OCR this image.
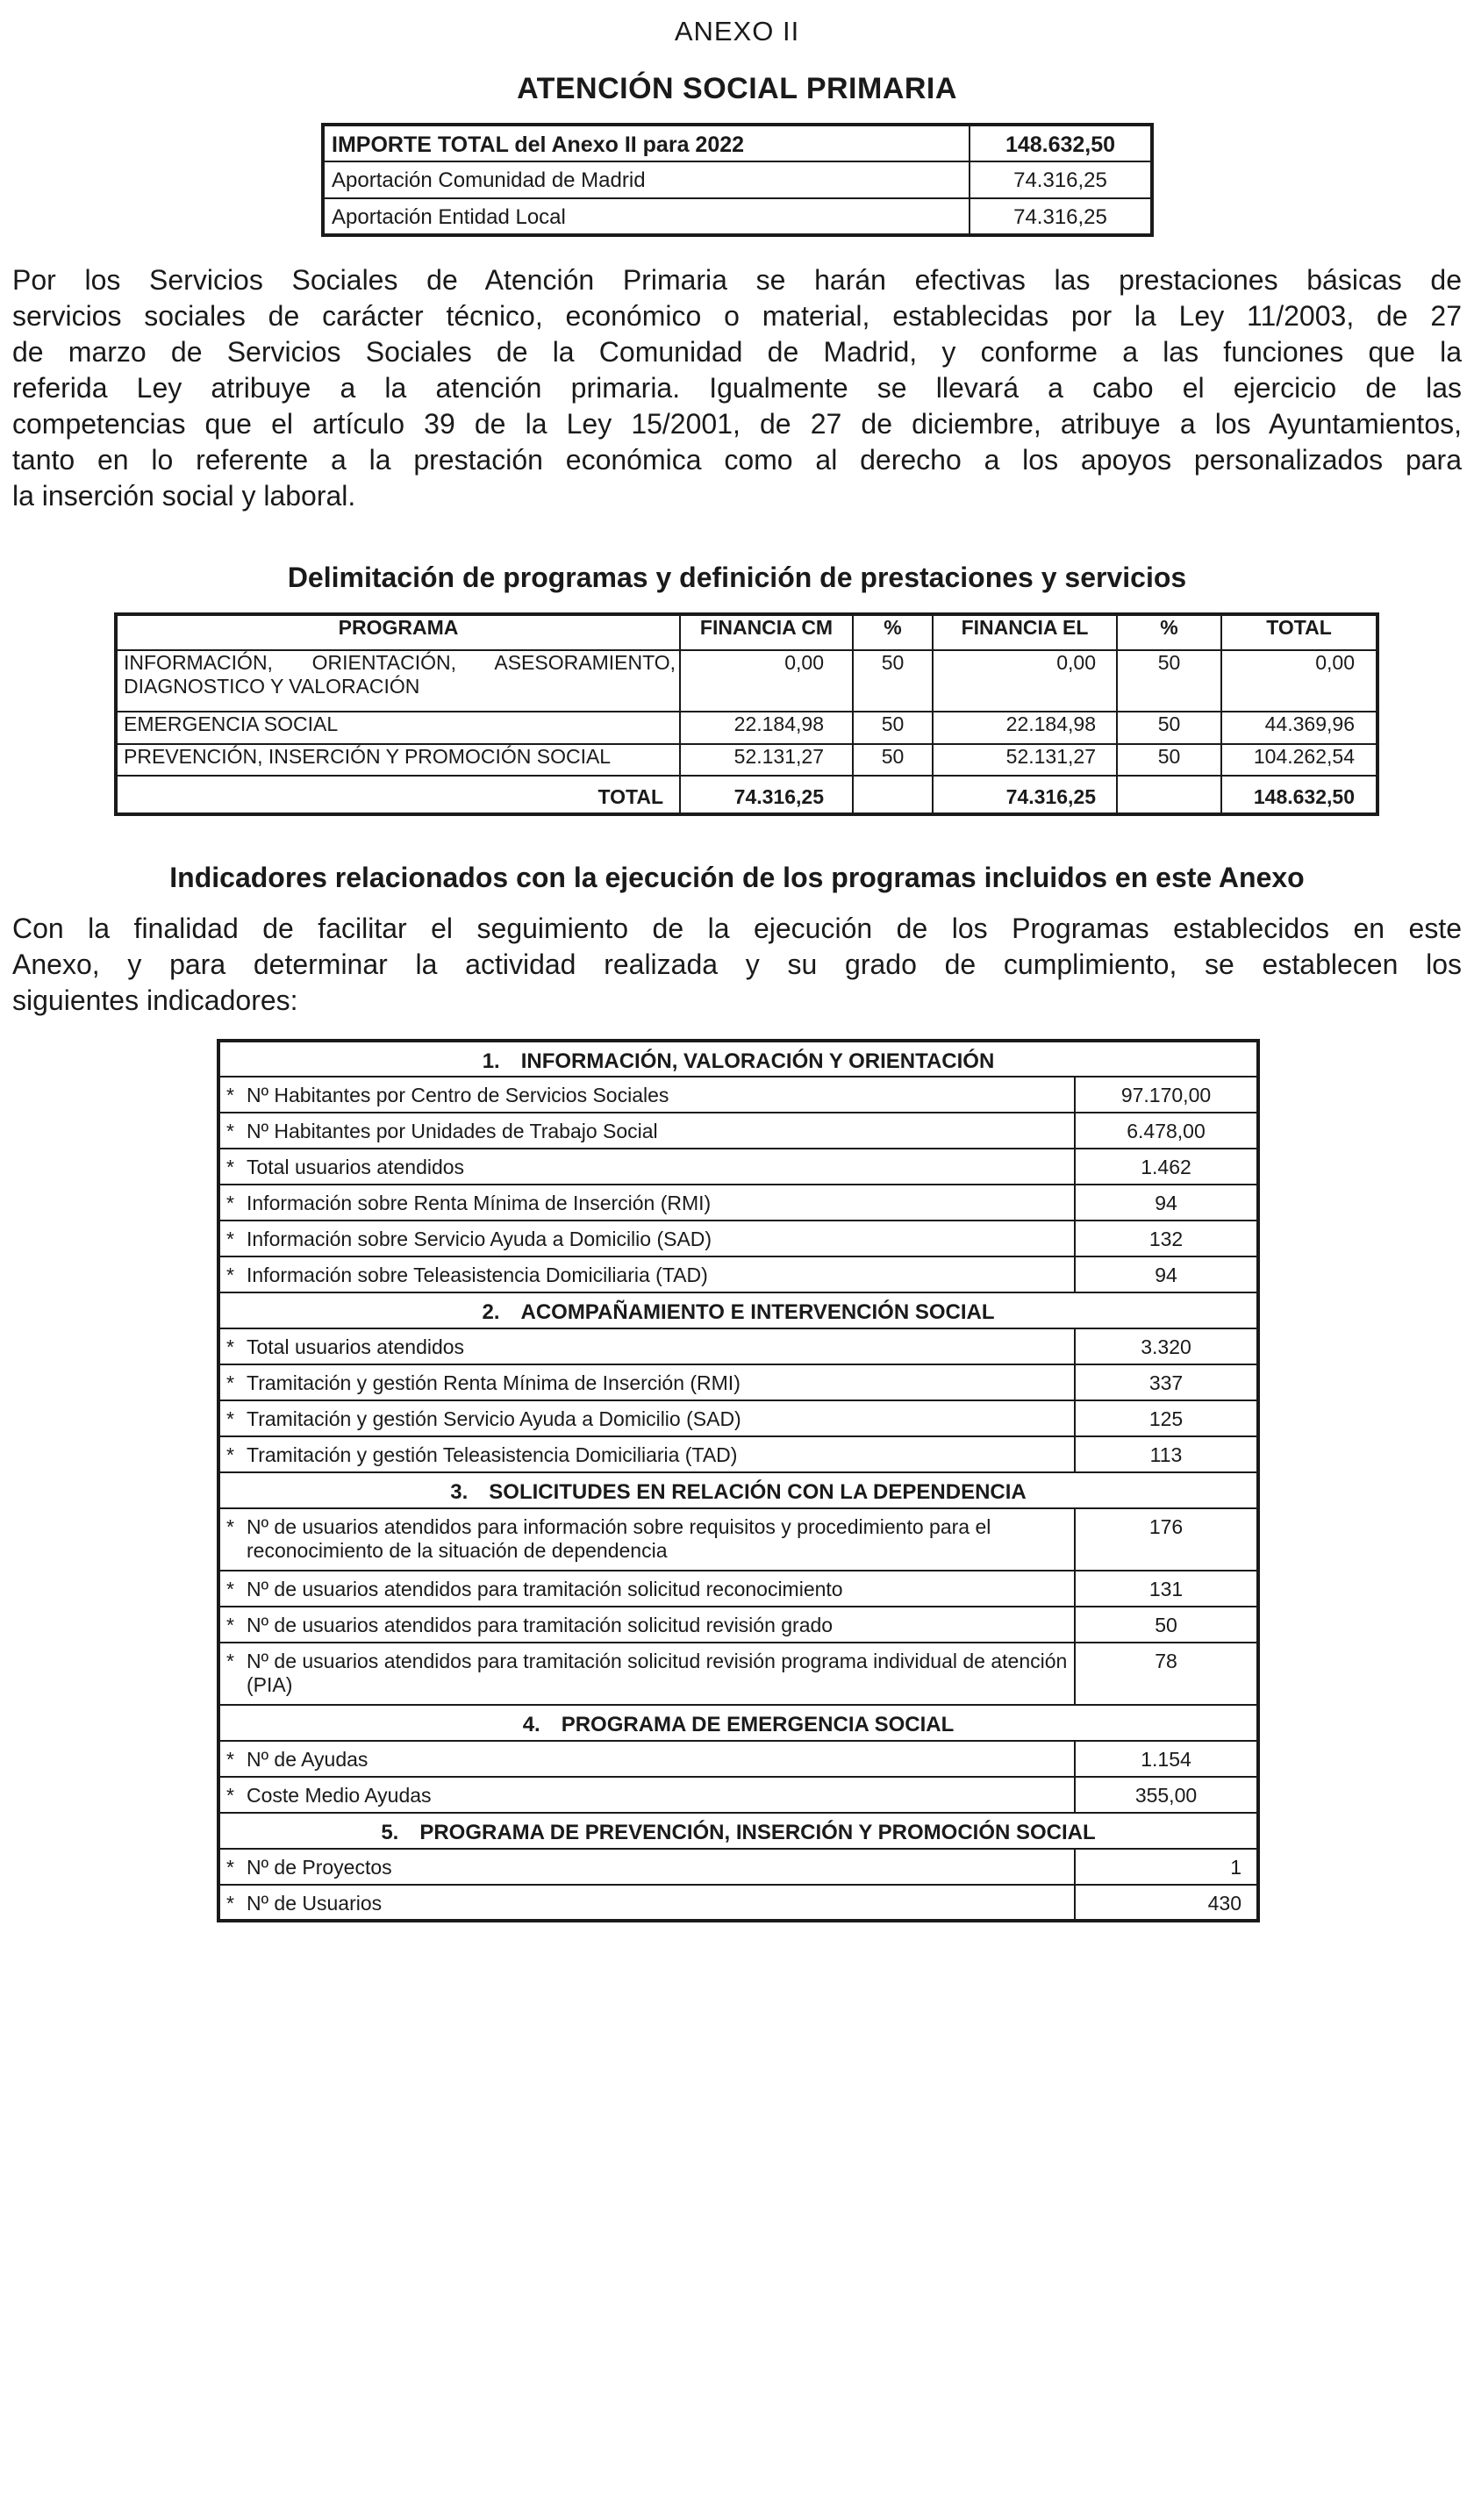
ANEXO II
ATENCIÓN SOCIAL PRIMARIA
IMPORTE TOTAL del Anexo II para 2022	148.632,50
Aportación Comunidad de Madrid	74.316,25
Aportación Entidad Local	74.316,25
Por los Servicios Sociales de Atención Primaria se harán efectivas las prestaciones básicas de
servicios sociales de carácter técnico, económico o material, establecidas por la Ley 11/2003, de 27
de marzo de Servicios Sociales de la Comunidad de Madrid, y conforme a las funciones que la
referida Ley atribuye a la atención primaria. Igualmente se llevará a cabo el ejercicio de las
competencias que el artículo 39 de la Ley 15/2001, de 27 de diciembre, atribuye a los Ayuntamientos,
tanto en lo referente a la prestación económica como al derecho a los apoyos personalizados para
la inserción social y laboral.
Delimitación de programas y definición de prestaciones y servicios
PROGRAMA	FINANCIA CM	%	FINANCIA EL	%	TOTAL
INFORMACIÓN, ORIENTACIÓN, ASESORAMIENTO, DIAGNOSTICO Y VALORACIÓN	0,00	50	0,00	50	0,00
EMERGENCIA SOCIAL	22.184,98	50	22.184,98	50	44.369,96
PREVENCIÓN, INSERCIÓN Y PROMOCIÓN SOCIAL	52.131,27	50	52.131,27	50	104.262,54
TOTAL	74.316,25		74.316,25		148.632,50
Indicadores relacionados con la ejecución de los programas incluidos en este Anexo
Con la finalidad de facilitar el seguimiento de la ejecución de los Programas establecidos en este
Anexo, y para determinar la actividad realizada y su grado de cumplimiento, se establecen los
siguientes indicadores:
1. INFORMACIÓN, VALORACIÓN Y ORIENTACIÓN	

* Nº Habitantes por Centro de Servicios Sociales	97.170,00

* Nº Habitantes por Unidades de Trabajo Social	6.478,00

* Total usuarios atendidos	1.462

* Información sobre Renta Mínima de Inserción (RMI)	94

* Información sobre Servicio Ayuda a Domicilio (SAD)	132

* Información sobre Teleasistencia Domiciliaria (TAD)	94
2. ACOMPAÑAMIENTO E INTERVENCIÓN SOCIAL	

* Total usuarios atendidos	3.320

* Tramitación y gestión Renta Mínima de Inserción (RMI)	337

* Tramitación y gestión Servicio Ayuda a Domicilio (SAD)	125

* Tramitación y gestión Teleasistencia Domiciliaria (TAD)	113
3. SOLICITUDES EN RELACIÓN CON LA DEPENDENCIA	

* Nº de usuarios atendidos para información sobre requisitos y procedimiento para el reconocimiento de la situación de dependencia	176

* Nº de usuarios atendidos para tramitación solicitud reconocimiento	131

* Nº de usuarios atendidos para tramitación solicitud revisión grado	50

* Nº de usuarios atendidos para tramitación solicitud revisión programa individual de atención (PIA)	78
4. PROGRAMA DE EMERGENCIA SOCIAL	

* Nº de Ayudas	1.154

* Coste Medio Ayudas	355,00
5. PROGRAMA DE PREVENCIÓN, INSERCIÓN Y PROMOCIÓN SOCIAL	

* Nº de Proyectos	1

* Nº de Usuarios	430
